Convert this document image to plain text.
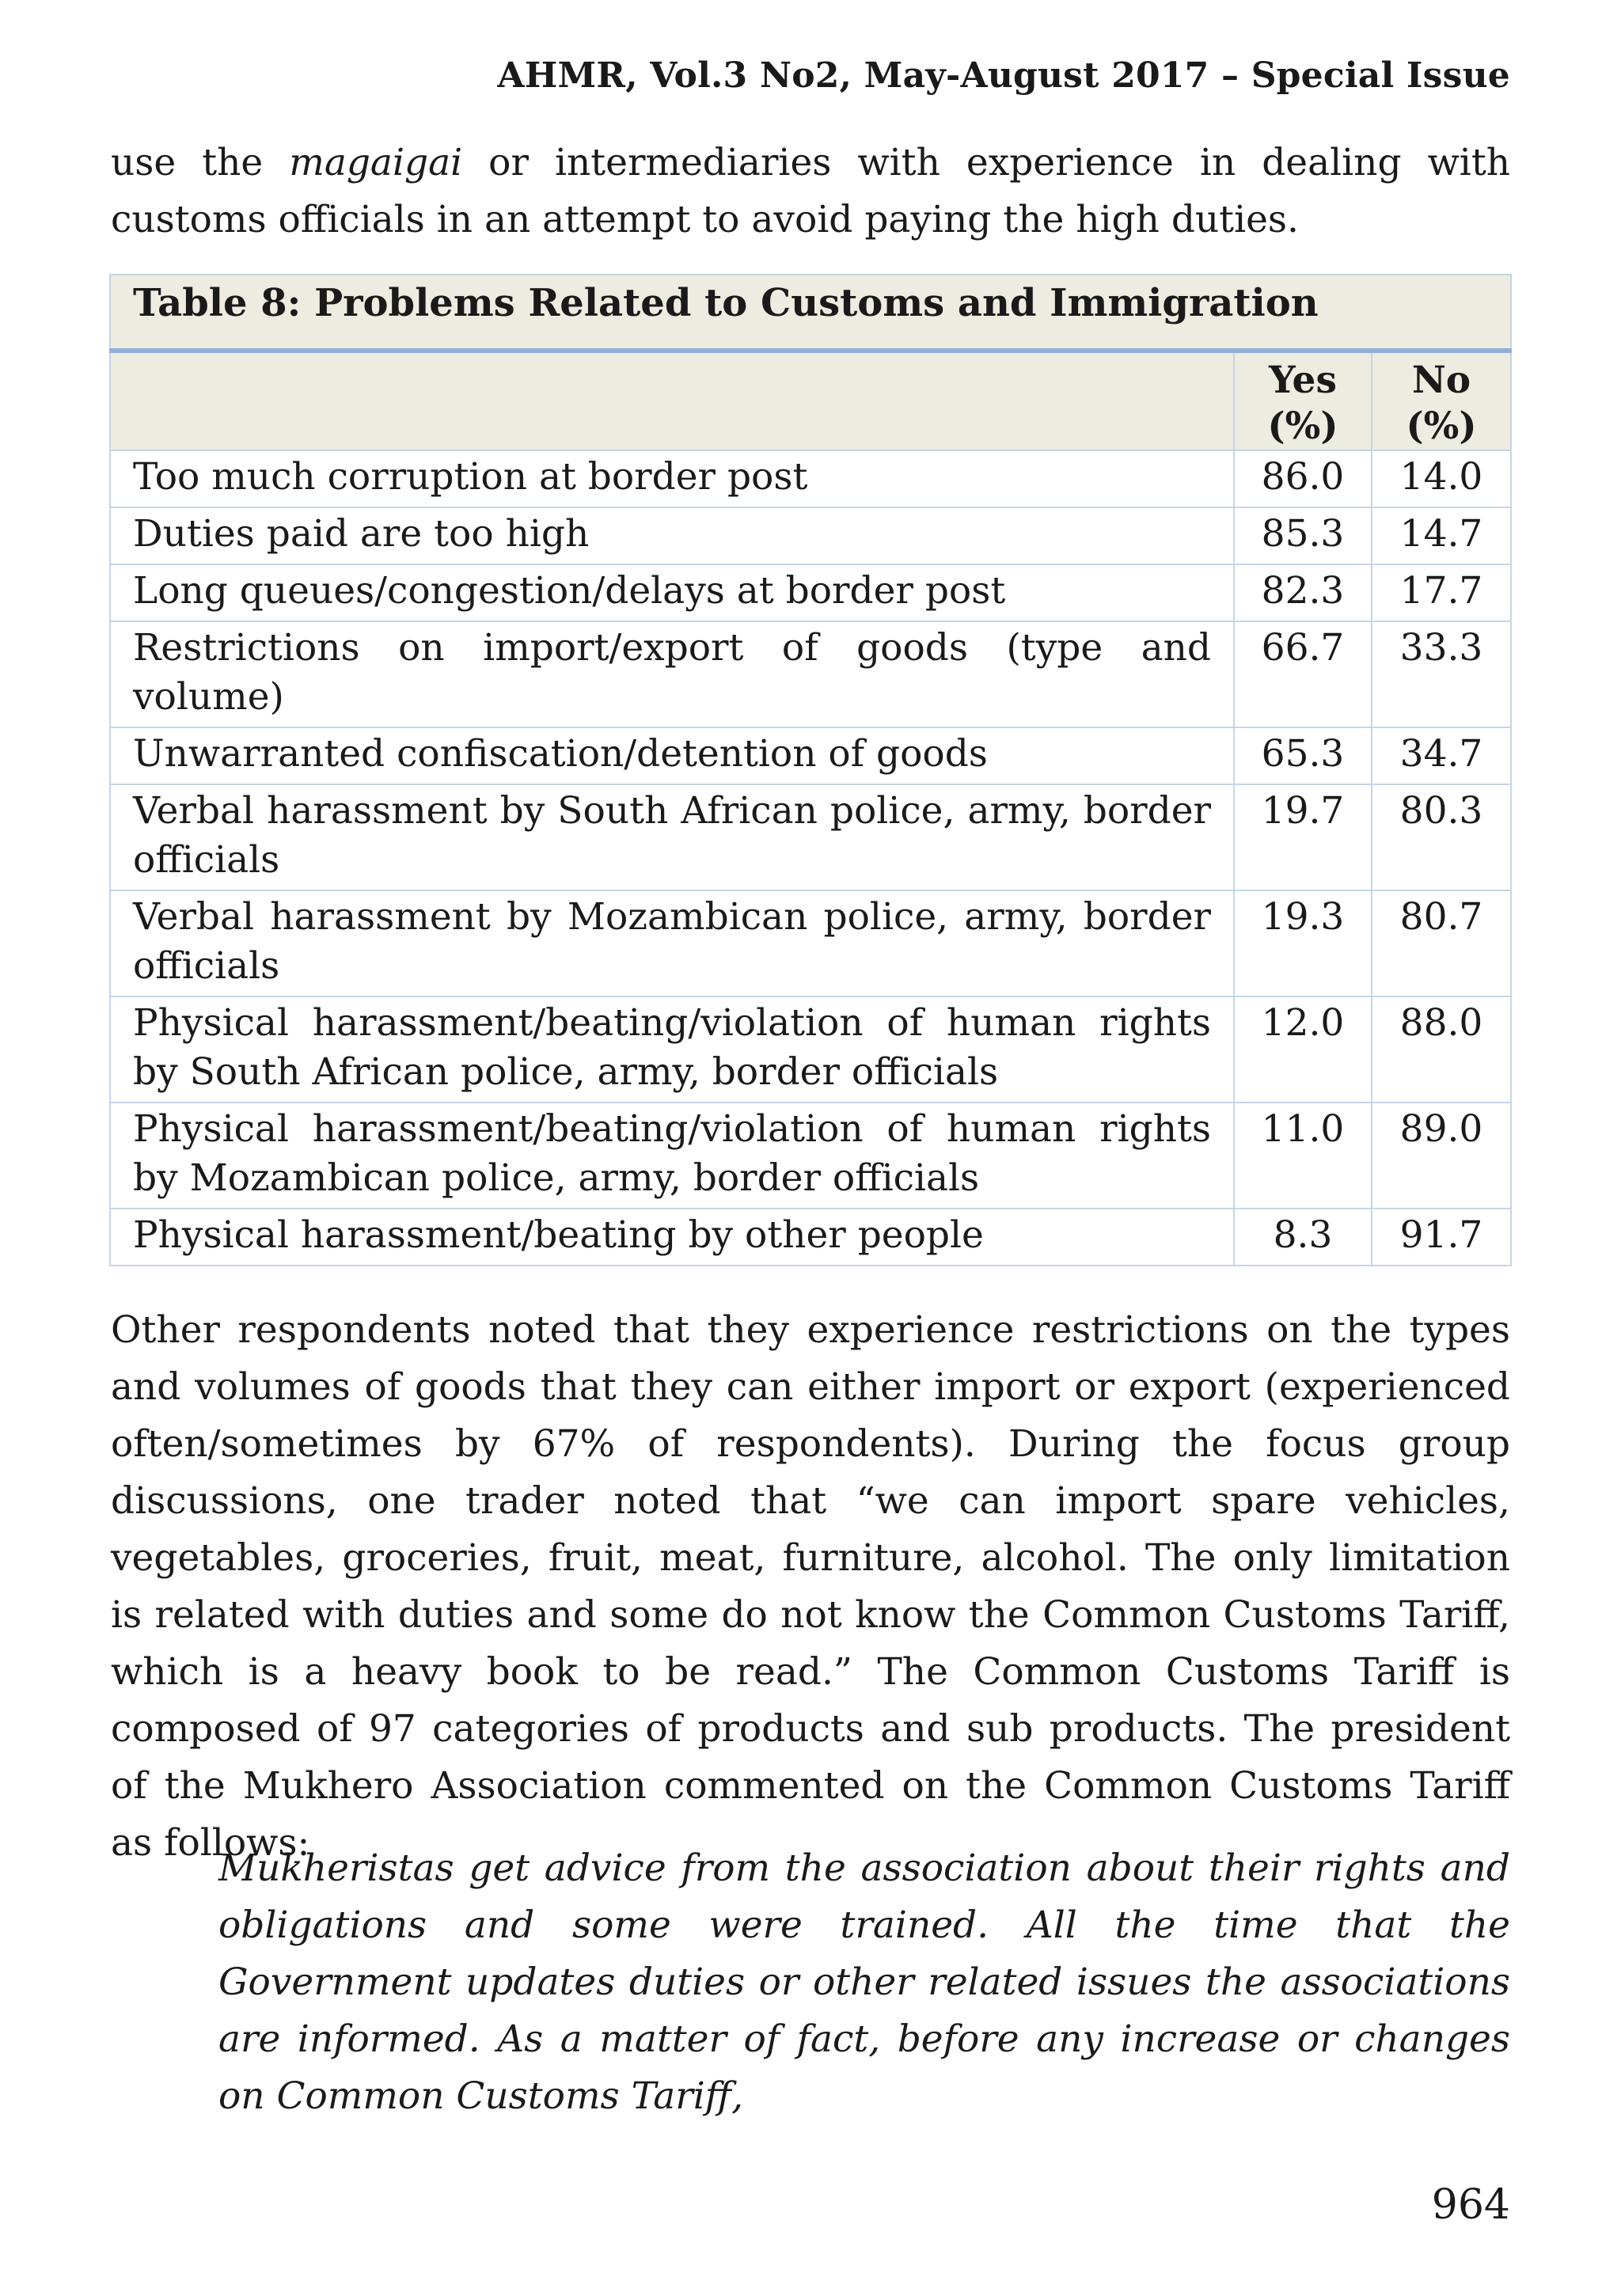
AHMR, Vol.3 No2, May-August 2017 – Special Issue

use the magaigai or intermediaries with experience in dealing with customs officials in an attempt to avoid paying the high duties.

Table 8: Problems Related to Customs and Immigration		
	Yes (%)	No (%)
Too much corruption at border post	86.0	14.0
Duties paid are too high	85.3	14.7
Long queues/congestion/delays at border post	82.3	17.7
Restrictions on import/export of goods (type and volume)	66.7	33.3
Unwarranted confiscation/detention of goods	65.3	34.7
Verbal harassment by South African police, army, border officials	19.7	80.3
Verbal harassment by Mozambican police, army, border officials	19.3	80.7
Physical harassment/beating/violation of human rights by South African police, army, border officials	12.0	88.0
Physical harassment/beating/violation of human rights by Mozambican police, army, border officials	11.0	89.0
Physical harassment/beating by other people	8.3	91.7

Other respondents noted that they experience restrictions on the types and volumes of goods that they can either import or export (experienced often/sometimes by 67% of respondents). During the focus group discussions, one trader noted that “we can import spare vehicles, vegetables, groceries, fruit, meat, furniture, alcohol. The only limitation is related with duties and some do not know the Common Customs Tariff, which is a heavy book to be read.” The Common Customs Tariff is composed of 97 categories of products and sub products. The president of the Mukhero Association commented on the Common Customs Tariff as follows:

Mukheristas get advice from the association about their rights and obligations and some were trained. All the time that the Government updates duties or other related issues the associations are informed. As a matter of fact, before any increase or changes on Common Customs Tariff,

964
